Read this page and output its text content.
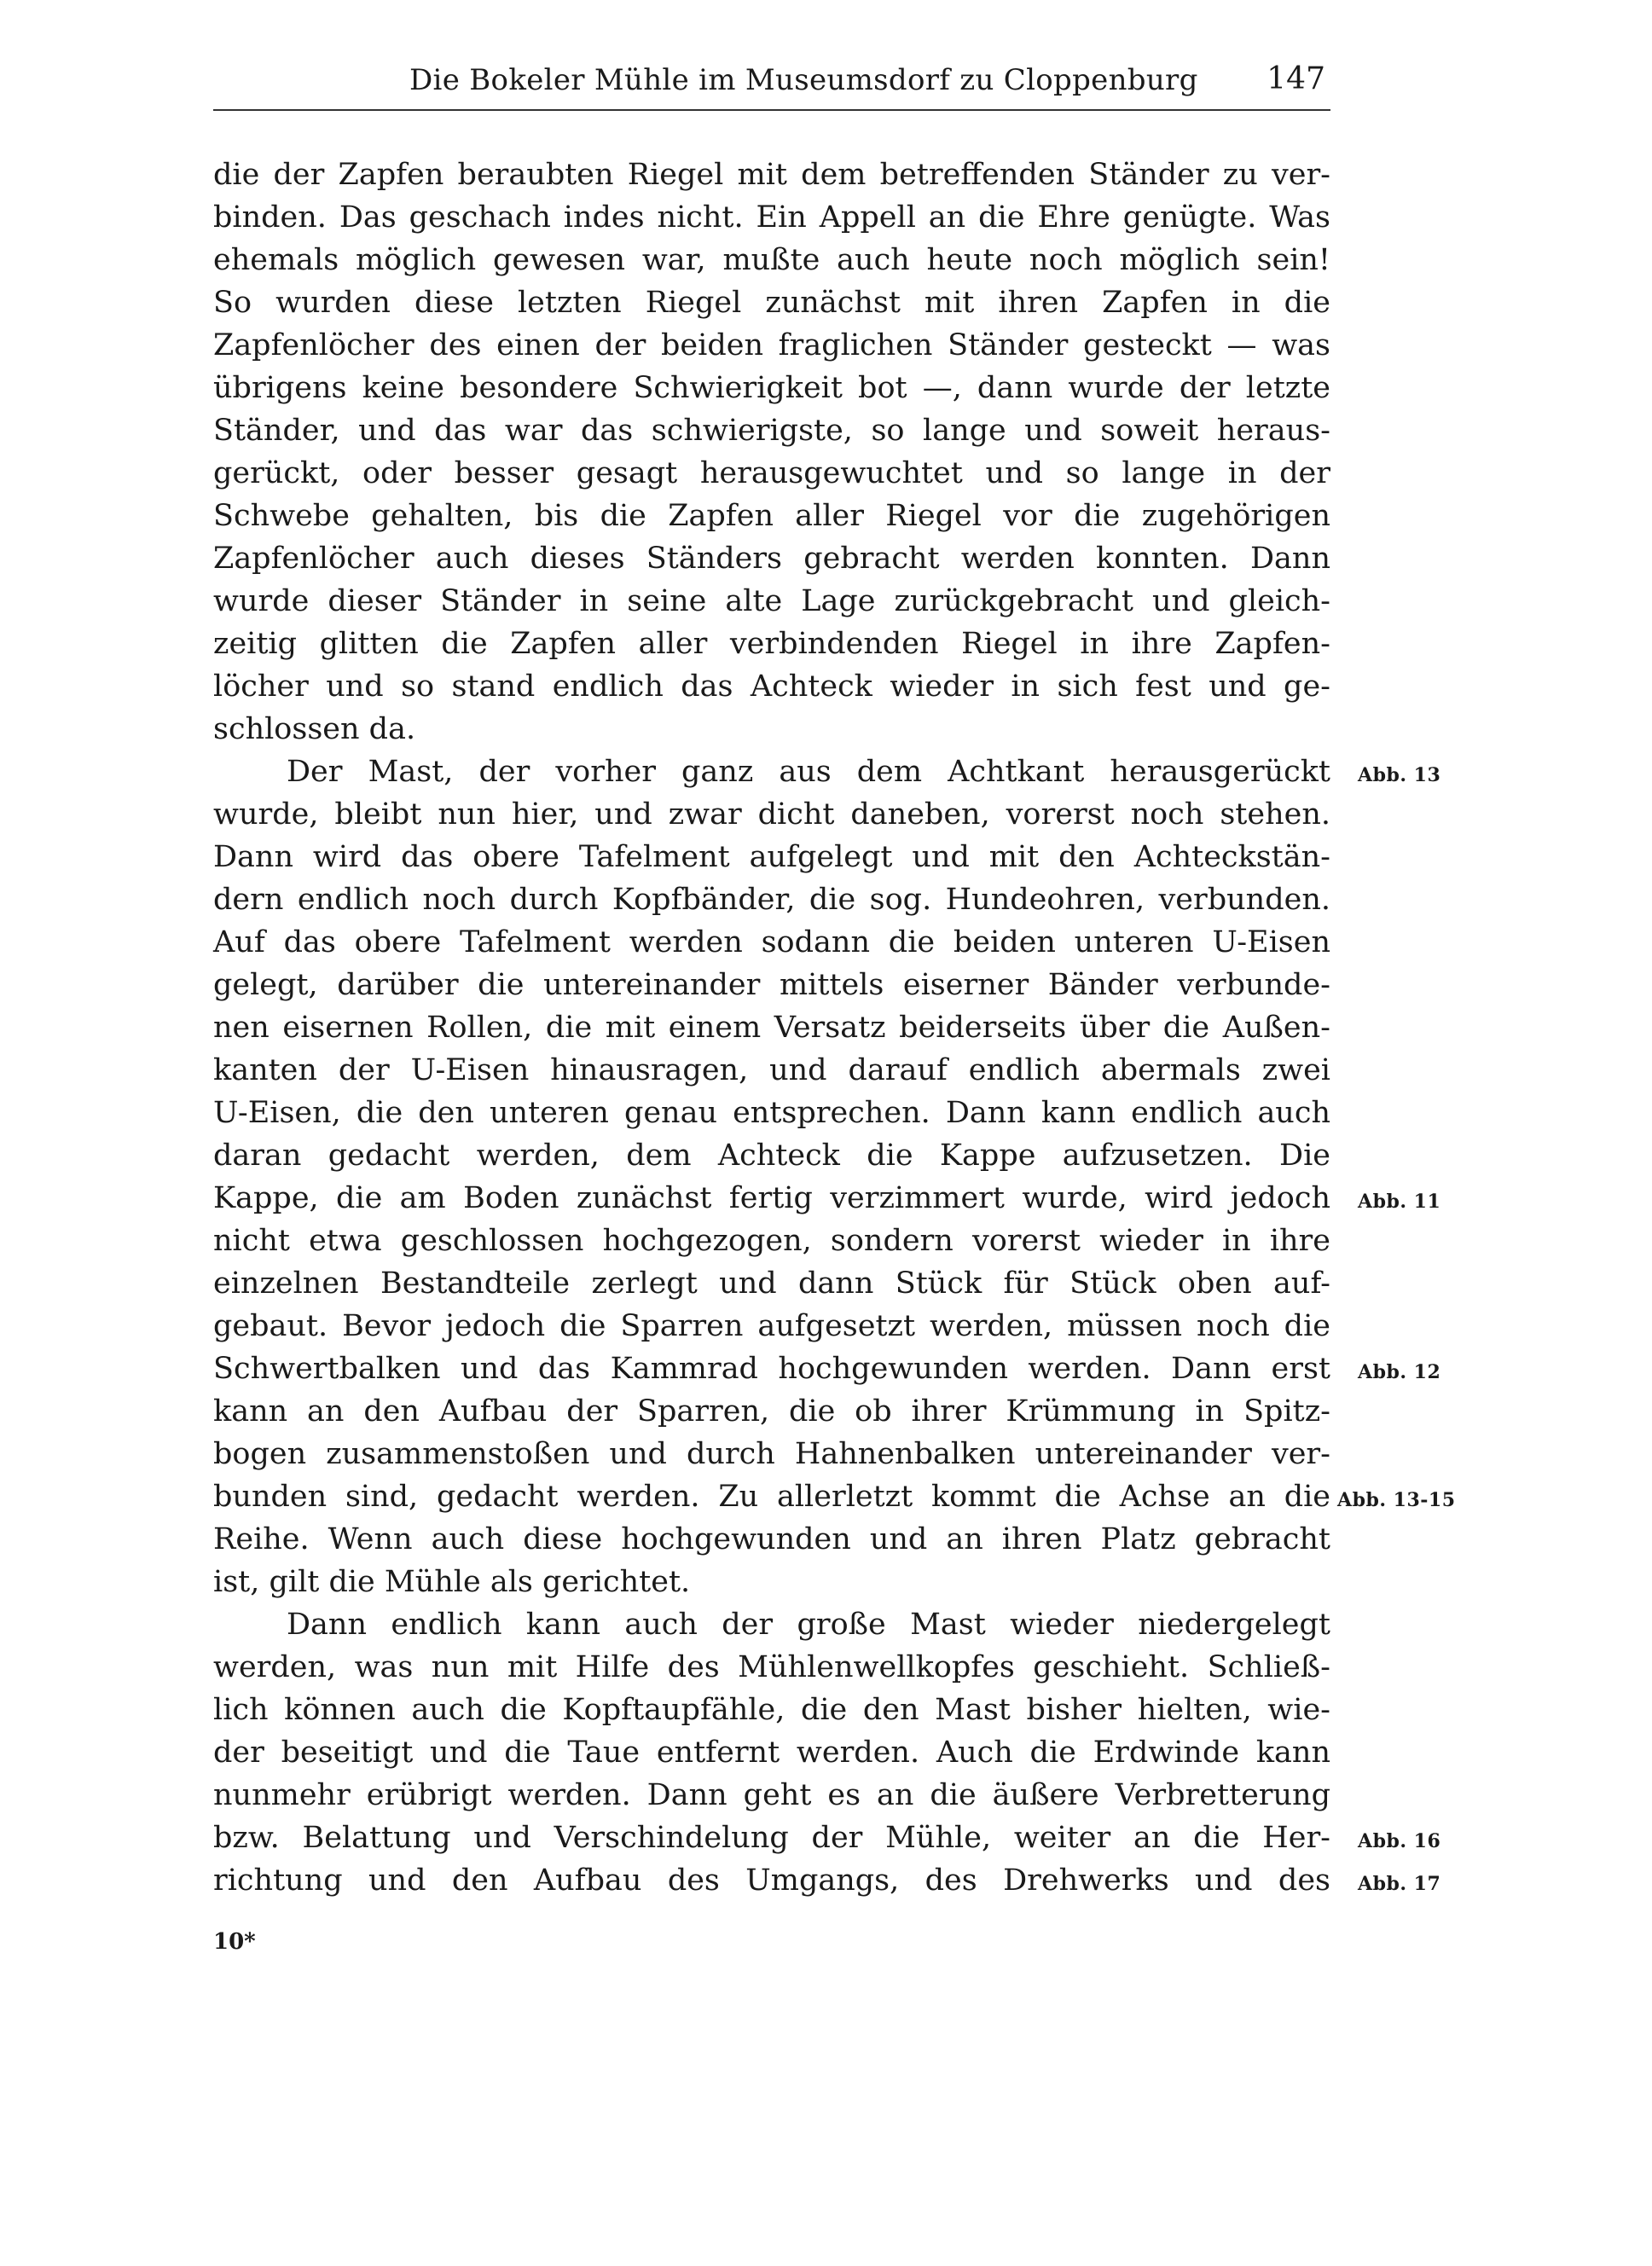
Die Bokeler Mühle im Museumsdorf zu Cloppenburg 147
die der Zapfen beraubten Riegel mit dem betreffenden Ständer zu ver-
binden. Das geschach indes nicht. Ein Appell an die Ehre genügte. Was
ehemals möglich gewesen war, mußte auch heute noch möglich sein!
So wurden diese letzten Riegel zunächst mit ihren Zapfen in die
Zapfenlöcher des einen der beiden fraglichen Ständer gesteckt — was
übrigens keine besondere Schwierigkeit bot —, dann wurde der letzte
Ständer, und das war das schwierigste, so lange und soweit heraus-
gerückt, oder besser gesagt herausgewuchtet und so lange in der
Schwebe gehalten, bis die Zapfen aller Riegel vor die zugehörigen
Zapfenlöcher auch dieses Ständers gebracht werden konnten. Dann
wurde dieser Ständer in seine alte Lage zurückgebracht und gleich-
zeitig glitten die Zapfen aller verbindenden Riegel in ihre Zapfen-
löcher und so stand endlich das Achteck wieder in sich fest und ge-
schlossen da.
Der Mast, der vorher ganz aus dem Achtkant herausgerückt Abb. 13
wurde, bleibt nun hier, und zwar dicht daneben, vorerst noch stehen.
Dann wird das obere Tafelment aufgelegt und mit den Achteckstän-
dern endlich noch durch Kopfbänder, die sog. Hundeohren, verbunden.
Auf das obere Tafelment werden sodann die beiden unteren U-Eisen
gelegt, darüber die untereinander mittels eiserner Bänder verbunde-
nen eisernen Rollen, die mit einem Versatz beiderseits über die Außen-
kanten der U-Eisen hinausragen, und darauf endlich abermals zwei
U-Eisen, die den unteren genau entsprechen. Dann kann endlich auch
daran gedacht werden, dem Achteck die Kappe aufzusetzen. Die
Kappe, die am Boden zunächst fertig verzimmert wurde, wird jedoch Abb. 11
nicht etwa geschlossen hochgezogen, sondern vorerst wieder in ihre
einzelnen Bestandteile zerlegt und dann Stück für Stück oben auf-
gebaut. Bevor jedoch die Sparren aufgesetzt werden, müssen noch die
Schwertbalken und das Kammrad hochgewunden werden. Dann erst Abb. 12
kann an den Aufbau der Sparren, die ob ihrer Krümmung in Spitz-
bogen zusammenstoßen und durch Hahnenbalken untereinander ver-
bunden sind, gedacht werden. Zu allerletzt kommt die Achse an die Abb. 13-15
Reihe. Wenn auch diese hochgewunden und an ihren Platz gebracht
ist, gilt die Mühle als gerichtet.
Dann endlich kann auch der große Mast wieder niedergelegt
werden, was nun mit Hilfe des Mühlenwellkopfes geschieht. Schließ-
lich können auch die Kopftaupfähle, die den Mast bisher hielten, wie-
der beseitigt und die Taue entfernt werden. Auch die Erdwinde kann
nunmehr erübrigt werden. Dann geht es an die äußere Verbretterung
bzw. Belattung und Verschindelung der Mühle, weiter an die Her- Abb. 16
richtung und den Aufbau des Umgangs, des Drehwerks und des Abb. 17
10*
